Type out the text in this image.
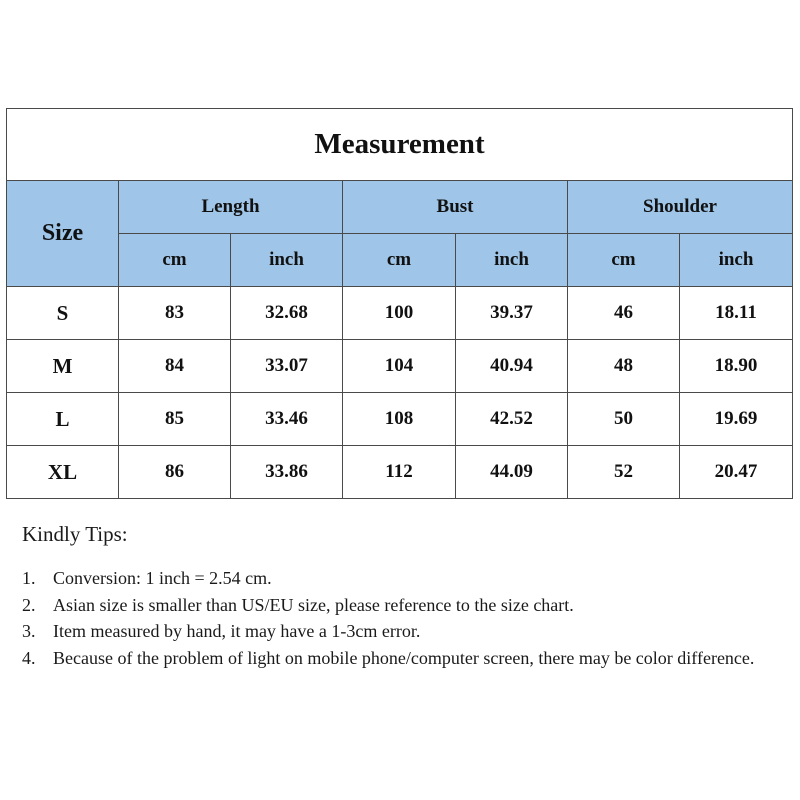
Measurement						
Size	Length		Bust		Shoulder	
	cm	inch	cm	inch	cm	inch
S	83	32.68	100	39.37	46	18.11
M	84	33.07	104	40.94	48	18.90
L	85	33.46	108	42.52	50	19.69
XL	86	33.86	112	44.09	52	20.47
Kindly Tips:
1. Conversion: 1 inch = 2.54 cm.
2. Asian size is smaller than US/EU size, please reference to the size chart.
3. Item measured by hand, it may have a 1-3cm error.
4. Because of the problem of light on mobile phone/computer screen, there may be color difference.
